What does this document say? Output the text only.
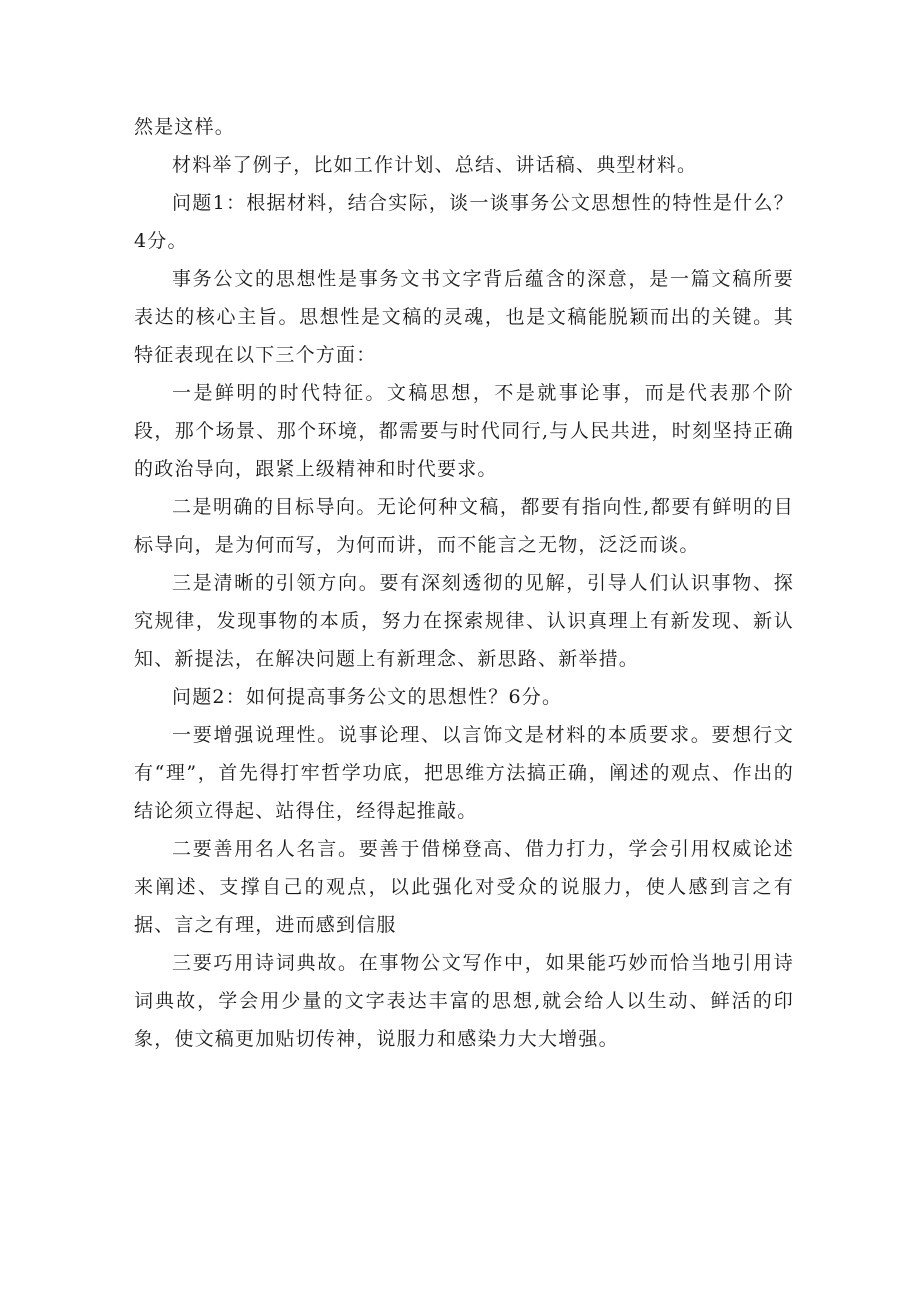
然是这样。

材料举了例子，比如工作计划、总结、讲话稿、典型材料。

问题1：根据材料，结合实际，谈一谈事务公文思想性的特性是什么？4分。

事务公文的思想性是事务文书文字背后蕴含的深意，是一篇文稿所要表达的核心主旨。思想性是文稿的灵魂，也是文稿能脱颖而出的关键。其特征表现在以下三个方面：

一是鲜明的时代特征。文稿思想，不是就事论事，而是代表那个阶段，那个场景、那个环境，都需要与时代同行,与人民共进，时刻坚持正确的政治导向，跟紧上级精神和时代要求。

二是明确的目标导向。无论何种文稿，都要有指向性,都要有鲜明的目标导向，是为何而写，为何而讲，而不能言之无物，泛泛而谈。

三是清晰的引领方向。要有深刻透彻的见解，引导人们认识事物、探究规律，发现事物的本质，努力在探索规律、认识真理上有新发现、新认知、新提法，在解决问题上有新理念、新思路、新举措。

问题2：如何提高事务公文的思想性？6分。

一要增强说理性。说事论理、以言饰文是材料的本质要求。要想行文有“理”，首先得打牢哲学功底，把思维方法搞正确，阐述的观点、作出的结论须立得起、站得住，经得起推敲。

二要善用名人名言。要善于借梯登高、借力打力，学会引用权威论述来阐述、支撑自己的观点，以此强化对受众的说服力，使人感到言之有据、言之有理，进而感到信服

三要巧用诗词典故。在事物公文写作中，如果能巧妙而恰当地引用诗词典故，学会用少量的文字表达丰富的思想,就会给人以生动、鲜活的印象，使文稿更加贴切传神，说服力和感染力大大增强。
